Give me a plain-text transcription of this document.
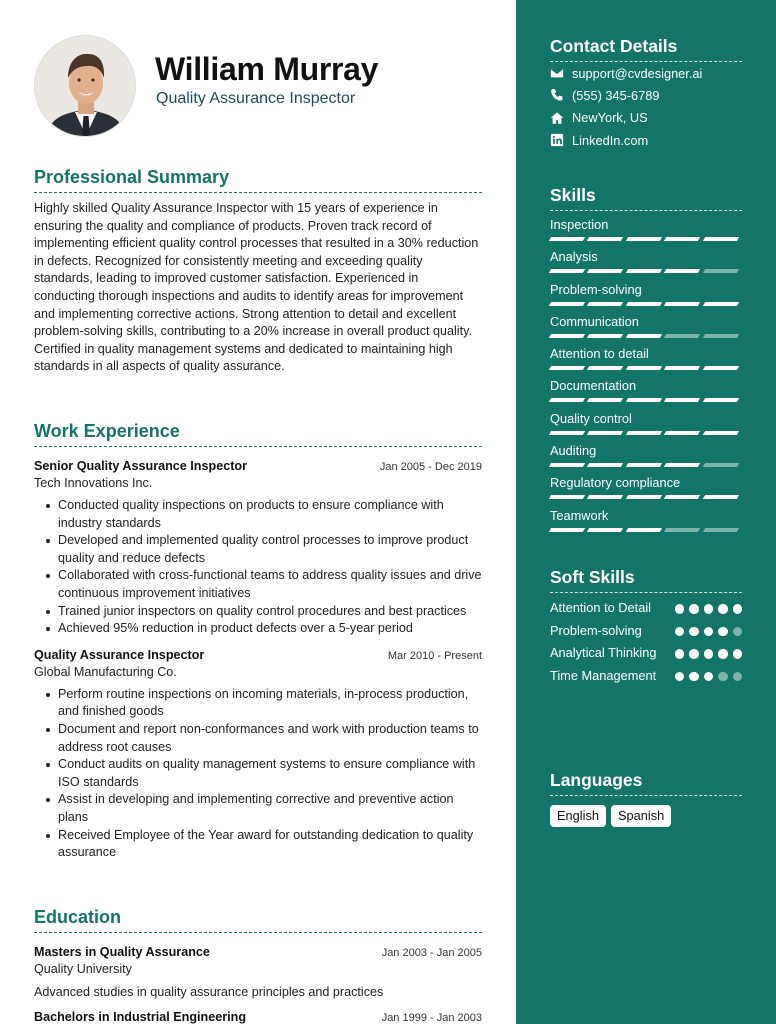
William Murray
Quality Assurance Inspector
Professional Summary

Highly skilled Quality Assurance Inspector with 15 years of experience in ensuring the quality and compliance of products. Proven track record of implementing efficient quality control processes that resulted in a 30% reduction in defects. Recognized for consistently meeting and exceeding quality standards, leading to improved customer satisfaction. Experienced in conducting thorough inspections and audits to identify areas for improvement and implementing corrective actions. Strong attention to detail and excellent problem-solving skills, contributing to a 20% increase in overall product quality. Certified in quality management systems and dedicated to maintaining high standards in all aspects of quality assurance.

Work Experience
Senior Quality Assurance Inspector	Jan 2005 - Dec 2019
Tech Innovations Inc.
Conducted quality inspections on products to ensure compliance with industry standards
Developed and implemented quality control processes to improve product quality and reduce defects
Collaborated with cross-functional teams to address quality issues and drive continuous improvement initiatives
Trained junior inspectors on quality control procedures and best practices
Achieved 95% reduction in product defects over a 5-year period
Quality Assurance Inspector	Mar 2010 - Present
Global Manufacturing Co.
Perform routine inspections on incoming materials, in-process production, and finished goods
Document and report non-conformances and work with production teams to address root causes
Conduct audits on quality management systems to ensure compliance with ISO standards
Assist in developing and implementing corrective and preventive action plans
Received Employee of the Year award for outstanding dedication to quality assurance
Education
Masters in Quality Assurance	Jan 2003 - Jan 2005
Quality University
Advanced studies in quality assurance principles and practices
Bachelors in Industrial Engineering	Jan 1999 - Jan 2003
Contact Details
support@cvdesigner.ai
(555) 345-6789
NewYork, US
LinkedIn.com
Skills
Inspection
Analysis
Problem-solving
Communication
Attention to detail
Documentation
Quality control
Auditing
Regulatory compliance
Teamwork
Soft Skills
Attention to Detail
Problem-solving
Analytical Thinking
Time Management
Languages
English	Spanish
